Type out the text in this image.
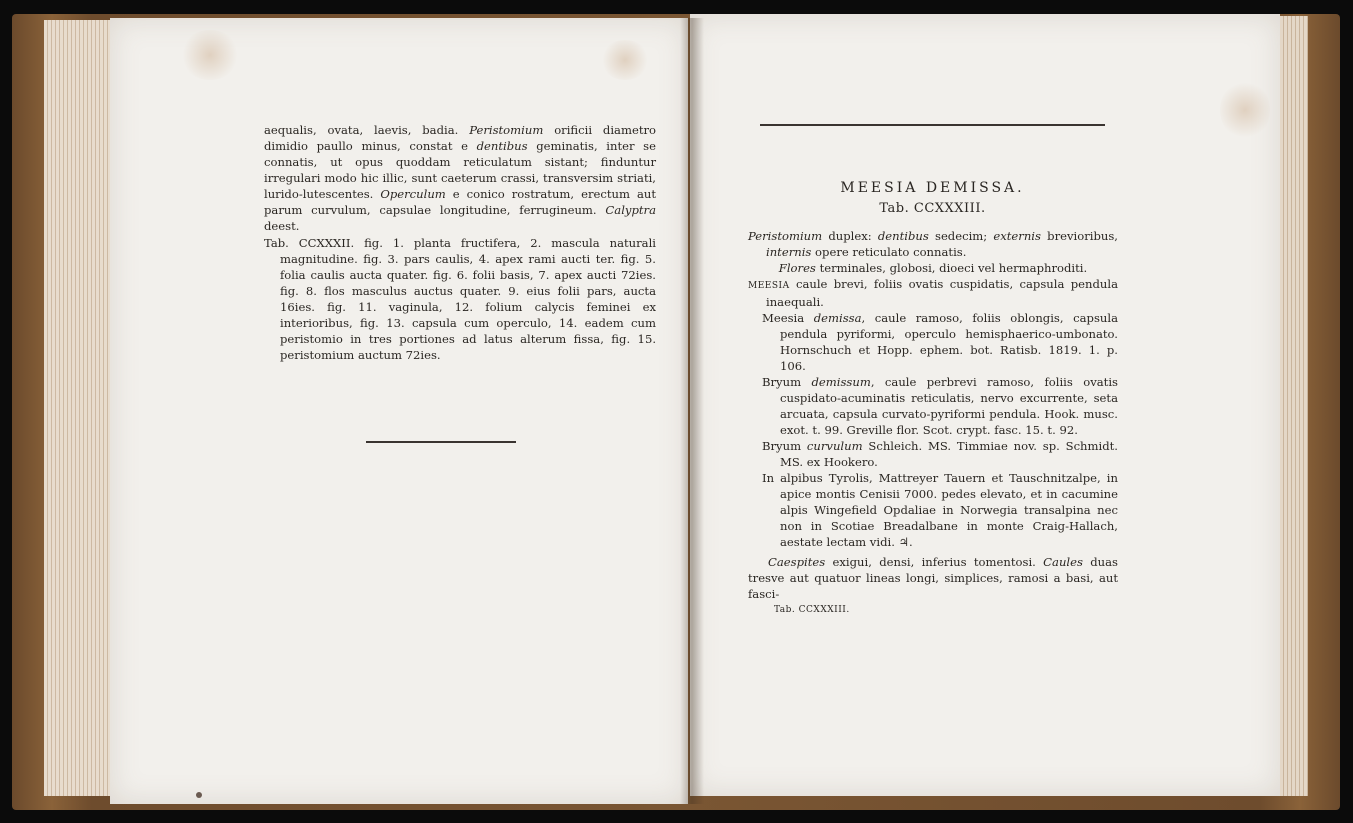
aequalis, ovata, laevis, badia. Peristomium orificii diametro dimidio paullo minus, constat e dentibus geminatis, inter se connatis, ut opus quoddam reticulatum sistant; finduntur irregulari modo hic illic, sunt caeterum crassi, transversim striati, lurido-lutescentes. Operculum e conico rostratum, erectum aut parum curvulum, capsulae longitudine, ferrugineum. Calyptra deest.

Tab. CCXXXII. fig. 1. planta fructifera, 2. mascula naturali magnitudine. fig. 3. pars caulis, 4. apex rami aucti ter. fig. 5. folia caulis aucta quater. fig. 6. folii basis, 7. apex aucti 72ies. fig. 8. flos masculus auctus quater. 9. eius folii pars, aucta 16ies. fig. 11. vaginula, 12. folium calycis feminei ex interioribus, fig. 13. capsula cum operculo, 14. eadem cum peristomio in tres portiones ad latus alterum fissa, fig. 15. peristomium auctum 72ies.

MEESIA DEMISSA.
Tab. CCXXXIII.

Peristomium duplex: dentibus sedecim; externis brevioribus, internis opere reticulato connatis.

Flores terminales, globosi, dioeci vel hermaphroditi.

MEESIA caule brevi, foliis ovatis cuspidatis, capsula pendula inaequali.

Meesia demissa, caule ramoso, foliis oblongis, capsula pendula pyriformi, operculo hemisphaerico-umbonato. Hornschuch et Hopp. ephem. bot. Ratisb. 1819. 1. p. 106.

Bryum demissum, caule perbrevi ramoso, foliis ovatis cuspidato-acuminatis reticulatis, nervo excurrente, seta arcuata, capsula curvato-pyriformi pendula. Hook. musc. exot. t. 99. Greville flor. Scot. crypt. fasc. 15. t. 92.

Bryum curvulum Schleich. MS. Timmiae nov. sp. Schmidt. MS. ex Hookero.

In alpibus Tyrolis, Mattreyer Tauern et Tauschnitzalpe, in apice montis Cenisii 7000. pedes elevato, et in cacumine alpis Wingefield Opdaliae in Norwegia transalpina nec non in Scotiae Breadalbane in monte Craig-Hallach, aestate lectam vidi. ♃.

Caespites exigui, densi, inferius tomentosi. Caules duas tresve aut quatuor lineas longi, simplices, ramosi a basi, aut fasci-

Tab. CCXXXIII.
